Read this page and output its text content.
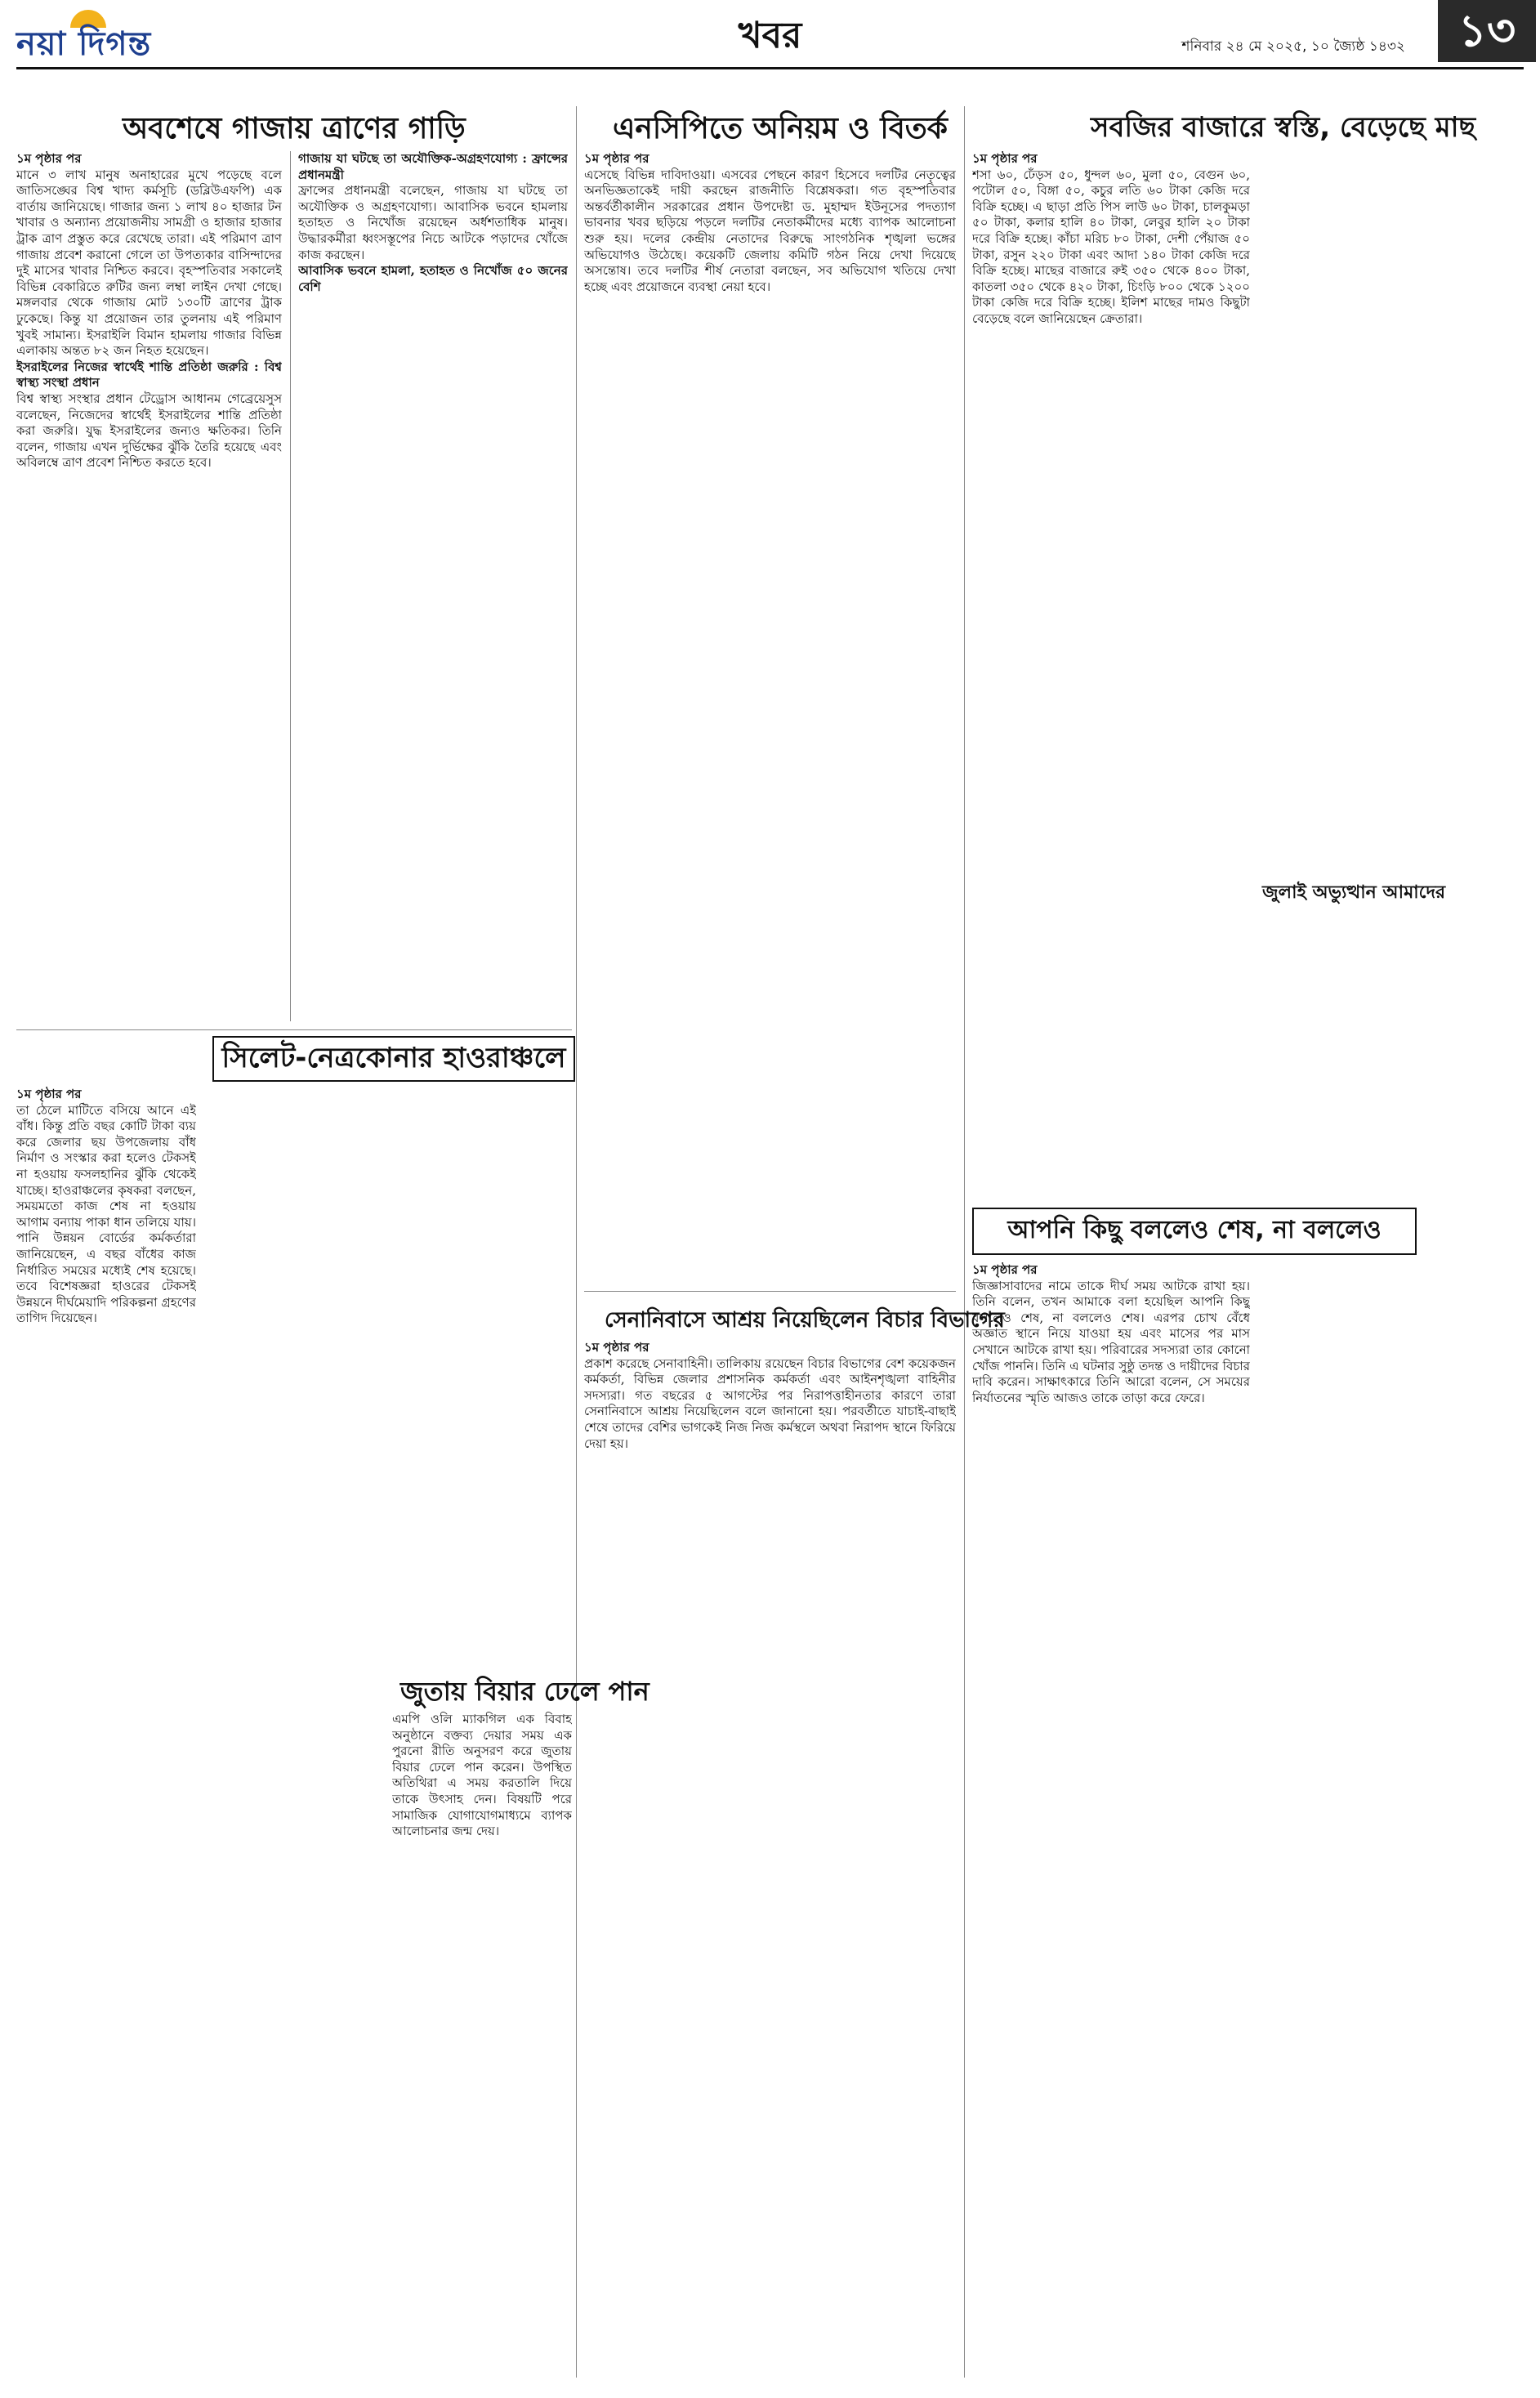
নয়া দিগন্ত	খবর	শনিবার ২৪ মে ২০২৫, ১০ জ্যৈষ্ঠ ১৪৩২	১৩
অবশেষে গাজায় ত্রাণের গাড়ি

১ম পৃষ্ঠার পর

মানে ৩ লাখ মানুষ অনাহারের মুখে পড়েছে বলে জাতিসঙ্ঘের বিশ্ব খাদ্য কর্মসূচি (ডব্লিউএফপি) এক বার্তায় জানিয়েছে। গাজার জন্য ১ লাখ ৪০ হাজার টন খাবার ও অন্যান্য প্রয়োজনীয় সামগ্রী ও হাজার হাজার ট্রাক ত্রাণ প্রস্তুত করে রেখেছে তারা। এই পরিমাণ ত্রাণ গাজায় প্রবেশ করানো গেলে তা উপত্যকার বাসিন্দাদের দুই মাসের খাবার নিশ্চিত করবে। বৃহস্পতিবার সকালেই বিভিন্ন বেকারিতে রুটির জন্য লম্বা লাইন দেখা গেছে। মঙ্গলবার থেকে গাজায় মোট ১৩০টি ত্রাণের ট্রাক ঢুকেছে। কিন্তু যা প্রয়োজন তার তুলনায় এই পরিমাণ খুবই সামান্য। ইসরাইলি বিমান হামলায় গাজার বিভিন্ন এলাকায় অন্তত ৮২ জন নিহত হয়েছেন।

ইসরাইলের নিজের স্বার্থেই শান্তি প্রতিষ্ঠা জরুরি : বিশ্ব স্বাস্থ্য সংস্থা প্রধান

বিশ্ব স্বাস্থ্য সংস্থার প্রধান টেড্রোস আধানম গেব্রেয়েসুস বলেছেন, নিজেদের স্বার্থেই ইসরাইলের শান্তি প্রতিষ্ঠা করা জরুরি। যুদ্ধ ইসরাইলের জন্যও ক্ষতিকর। তিনি বলেন, গাজায় এখন দুর্ভিক্ষের ঝুঁকি তৈরি হয়েছে এবং অবিলম্বে ত্রাণ প্রবেশ নিশ্চিত করতে হবে।

গাজায় যা ঘটছে তা অযৌক্তিক-অগ্রহণযোগ্য : ফ্রান্সের প্রধানমন্ত্রী

ফ্রান্সের প্রধানমন্ত্রী বলেছেন, গাজায় যা ঘটছে তা অযৌক্তিক ও অগ্রহণযোগ্য। আবাসিক ভবনে হামলায় হতাহত ও নিখোঁজ রয়েছেন অর্ধশতাধিক মানুষ। উদ্ধারকর্মীরা ধ্বংসস্তূপের নিচে আটকে পড়াদের খোঁজে কাজ করছেন।

আবাসিক ভবনে হামলা, হতাহত ও নিখোঁজ ৫০ জনের বেশি

এনসিপিতে অনিয়ম ও বিতর্ক

১ম পৃষ্ঠার পর

এসেছে বিভিন্ন দাবিদাওয়া। এসবের পেছনে কারণ হিসেবে দলটির নেতৃত্বের অনভিজ্ঞতাকেই দায়ী করছেন রাজনীতি বিশ্লেষকরা। গত বৃহস্পতিবার অন্তর্বর্তীকালীন সরকারের প্রধান উপদেষ্টা ড. মুহাম্মদ ইউনূসের পদত্যাগ ভাবনার খবর ছড়িয়ে পড়লে দলটির নেতাকর্মীদের মধ্যে ব্যাপক আলোচনা শুরু হয়। দলের কেন্দ্রীয় নেতাদের বিরুদ্ধে সাংগঠনিক শৃঙ্খলা ভঙ্গের অভিযোগও উঠেছে। কয়েকটি জেলায় কমিটি গঠন নিয়ে দেখা দিয়েছে অসন্তোষ। তবে দলটির শীর্ষ নেতারা বলছেন, সব অভিযোগ খতিয়ে দেখা হচ্ছে এবং প্রয়োজনে ব্যবস্থা নেয়া হবে।

সবজির বাজারে স্বস্তি, বেড়েছে মাছ

১ম পৃষ্ঠার পর

শসা ৬০, ঢেঁড়স ৫০, ধুন্দল ৬০, মুলা ৫০, বেগুন ৬০, পটোল ৫০, বিঙ্গা ৫০, কচুর লতি ৬০ টাকা কেজি দরে বিক্রি হচ্ছে। এ ছাড়া প্রতি পিস লাউ ৬০ টাকা, চালকুমড়া ৫০ টাকা, কলার হালি ৪০ টাকা, লেবুর হালি ২০ টাকা দরে বিক্রি হচ্ছে। কাঁচা মরিচ ৮০ টাকা, দেশী পেঁয়াজ ৫০ টাকা, রসুন ২২০ টাকা এবং আদা ১৪০ টাকা কেজি দরে বিক্রি হচ্ছে। মাছের বাজারে রুই ৩৫০ থেকে ৪০০ টাকা, কাতলা ৩৫০ থেকে ৪২০ টাকা, চিংড়ি ৮০০ থেকে ১২০০ টাকা কেজি দরে বিক্রি হচ্ছে। ইলিশ মাছের দামও কিছুটা বেড়েছে বলে জানিয়েছেন ক্রেতারা।

জুলাই অভ্যুত্থান আমাদের
সিলেট-নেত্রকোনার হাওরাঞ্চলে

১ম পৃষ্ঠার পর

তা ঠেলে মাটিতে বসিয়ে আনে এই বাঁধ। কিন্তু প্রতি বছর কোটি টাকা ব্যয় করে জেলার ছয় উপজেলায় বাঁধ নির্মাণ ও সংস্কার করা হলেও টেকসই না হওয়ায় ফসলহানির ঝুঁকি থেকেই যাচ্ছে। হাওরাঞ্চলের কৃষকরা বলছেন, সময়মতো কাজ শেষ না হওয়ায় আগাম বন্যায় পাকা ধান তলিয়ে যায়। পানি উন্নয়ন বোর্ডের কর্মকর্তারা জানিয়েছেন, এ বছর বাঁধের কাজ নির্ধারিত সময়ের মধ্যেই শেষ হয়েছে। তবে বিশেষজ্ঞরা হাওরের টেকসই উন্নয়নে দীর্ঘমেয়াদি পরিকল্পনা গ্রহণের তাগিদ দিয়েছেন।

জুতায় বিয়ার ঢেলে পান

এমপি ওলি ম্যাকগিল এক বিবাহ অনুষ্ঠানে বক্তব্য দেয়ার সময় এক পুরনো রীতি অনুসরণ করে জুতায় বিয়ার ঢেলে পান করেন। উপস্থিত অতিথিরা এ সময় করতালি দিয়ে তাকে উৎসাহ দেন। বিষয়টি পরে সামাজিক যোগাযোগমাধ্যমে ব্যাপক আলোচনার জন্ম দেয়।

সেনানিবাসে আশ্রয় নিয়েছিলেন বিচার বিভাগের

১ম পৃষ্ঠার পর

প্রকাশ করেছে সেনাবাহিনী। তালিকায় রয়েছেন বিচার বিভাগের বেশ কয়েকজন কর্মকর্তা, বিভিন্ন জেলার প্রশাসনিক কর্মকর্তা এবং আইনশৃঙ্খলা বাহিনীর সদস্যরা। গত বছরের ৫ আগস্টের পর নিরাপত্তাহীনতার কারণে তারা সেনানিবাসে আশ্রয় নিয়েছিলেন বলে জানানো হয়। পরবর্তীতে যাচাই-বাছাই শেষে তাদের বেশির ভাগকেই নিজ নিজ কর্মস্থলে অথবা নিরাপদ স্থানে ফিরিয়ে দেয়া হয়।

আপনি কিছু বললেও শেষ, না বললেও

১ম পৃষ্ঠার পর

জিজ্ঞাসাবাদের নামে তাকে দীর্ঘ সময় আটকে রাখা হয়। তিনি বলেন, তখন আমাকে বলা হয়েছিল আপনি কিছু বললেও শেষ, না বললেও শেষ। এরপর চোখ বেঁধে অজ্ঞাত স্থানে নিয়ে যাওয়া হয় এবং মাসের পর মাস সেখানে আটকে রাখা হয়। পরিবারের সদস্যরা তার কোনো খোঁজ পাননি। তিনি এ ঘটনার সুষ্ঠু তদন্ত ও দায়ীদের বিচার দাবি করেন। সাক্ষাৎকারে তিনি আরো বলেন, সে সময়ের নির্যাতনের স্মৃতি আজও তাকে তাড়া করে ফেরে।
